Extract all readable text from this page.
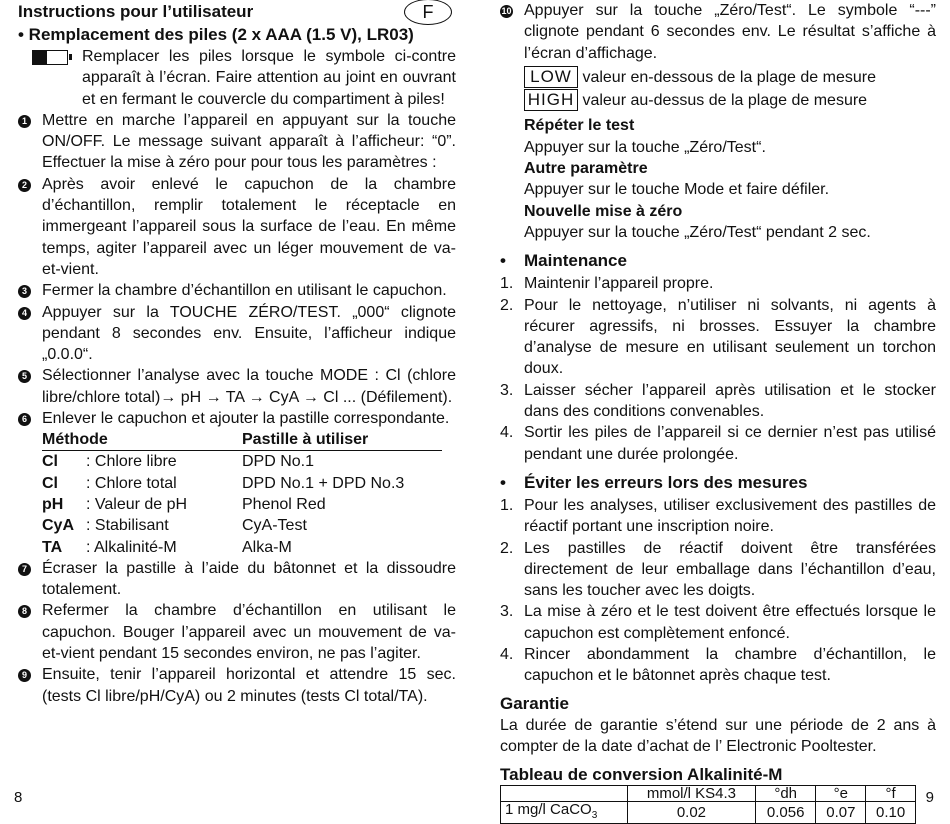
Instructions pour l’utilisateur	F
• Remplacement des piles (2 x AAA (1.5 V), LR03)

Remplacer les piles lorsque le symbole ci-contre apparaît à l’écran. Faire attention au joint en ouvrant et en fermant le couvercle du compartiment à piles!

1 Mettre en marche l’appareil en appuyant sur la touche ON/OFF. Le message suivant apparaît à l’afficheur: “0”. Effectuer la mise à zéro pour pour tous les paramètres :
2 Après avoir enlevé le capuchon de la chambre d’échantillon, remplir totalement le réceptacle en immergeant l’appareil sous la surface de l’eau. En même temps, agiter l’appareil avec un léger mouvement de va-et-vient.
3 Fermer la chambre d’échantillon en utilisant le capuchon.
4 Appuyer sur la TOUCHE ZÉRO/TEST. „000“ clignote pendant 8 secondes env. Ensuite, l’afficheur indique „0.0.0“.
5 Sélectionner l’analyse avec la touche MODE : Cl (chlore libre/chlore total)→ pH → TA → CyA → Cl ... (Défilement).
6 Enlever le capuchon et ajouter la pastille correspondante.
Méthode		Pastille à utiliser
Cl	: Chlore libre	DPD No.1
Cl	: Chlore total	DPD No.1 + DPD No.3
pH	: Valeur de pH	Phenol Red
CyA	: Stabilisant	CyA-Test
TA	: Alkalinité-M	Alka-M
7 Écraser la pastille à l’aide du bâtonnet et la dissoudre totalement.
8 Refermer la chambre d’échantillon en utilisant le capuchon. Bouger l’appareil avec un mouvement de va-et-vient pendant 15 secondes environ, ne pas l’agiter.
9 Ensuite, tenir l’appareil horizontal et attendre 15 sec. (tests Cl libre/pH/CyA) ou 2 minutes (tests Cl total/TA).
8
10 Appuyer sur la touche „Zéro/Test“. Le symbole “---” clignote pendant 6 secondes env. Le résultat s’affiche à l’écran d’affichage.
LOW valeur en-dessous de la plage de mesure
HIGH valeur au-dessus de la plage de mesure
Répéter le test
Appuyer sur la touche „Zéro/Test“.
Autre paramètre
Appuyer sur le touche Mode et faire défiler.
Nouvelle mise à zéro
Appuyer sur la touche „Zéro/Test“ pendant 2 sec.
•	Maintenance
1. Maintenir l’appareil propre.
2. Pour le nettoyage, n’utiliser ni solvants, ni agents à récurer agressifs, ni brosses. Essuyer la chambre d’analyse de mesure en utilisant seulement un torchon doux.
3. Laisser sécher l’appareil après utilisation et le stocker dans des conditions convenables.
4. Sortir les piles de l’appareil si ce dernier n’est pas utilisé pendant une durée prolongée.
•	Éviter les erreurs lors des mesures
1. Pour les analyses, utiliser exclusivement des pastilles de réactif portant une inscription noire.
2. Les pastilles de réactif doivent être transférées directement de leur emballage dans l’échantillon d’eau, sans les toucher avec les doigts.
3. La mise à zéro et le test doivent être effectués lorsque le capuchon est complètement enfoncé.
4. Rincer abondamment la chambre d’échantillon, le capuchon et le bâtonnet après chaque test.
Garantie

La durée de garantie s’étend sur une période de 2 ans à compter de la date d’achat de l’ Electronic Pooltester.

Tableau de conversion Alkalinité-M
	mmol/l KS4.3	°dh	°e	°f
1 mg/l CaCO$_3$	0.02	0.056	0.07	0.10
9
